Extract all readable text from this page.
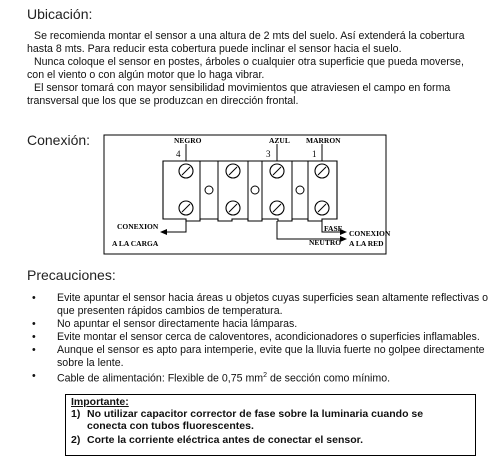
Ubicación:
Se recomienda montar el sensor a una altura de 2 mts del suelo. Así extenderá la cobertura
hasta 8 mts. Para reducir esta cobertura puede inclinar el sensor hacia el suelo.
Nunca coloque el sensor en postes, árboles o cualquier otra superficie que pueda moverse,
con el viento o con algún motor que lo haga vibrar.
El sensor tomará con mayor sensibilidad movimientos que atraviesen el campo en forma
transversal que los que se produzcan en dirección frontal.
Conexión:	NEGRO	AZUL MARRON
4	3	1
CONEXION
A LA CARGA
FASE
NEUTRO
CONEXION
A LA RED
Precauciones:
• Evite apuntar el sensor hacia áreas u objetos cuyas superficies sean altamente reflectivas o
que presenten rápidos cambios de temperatura.
• No apuntar el sensor directamente hacia lámparas.
• Evite montar el sensor cerca de caloventores, acondicionadores o superficies inflamables.
• Aunque el sensor es apto para intemperie, evite que la lluvia fuerte no golpee directamente
sobre la lente.
• Cable de alimentación: Flexible de 0,75 $mm^2$ de sección como mínimo.
Importante:
1) No utilizar capacitor corrector de fase sobre la luminaria cuando se
conecta con tubos fluorescentes.
2) Corte la corriente eléctrica antes de conectar el sensor.
